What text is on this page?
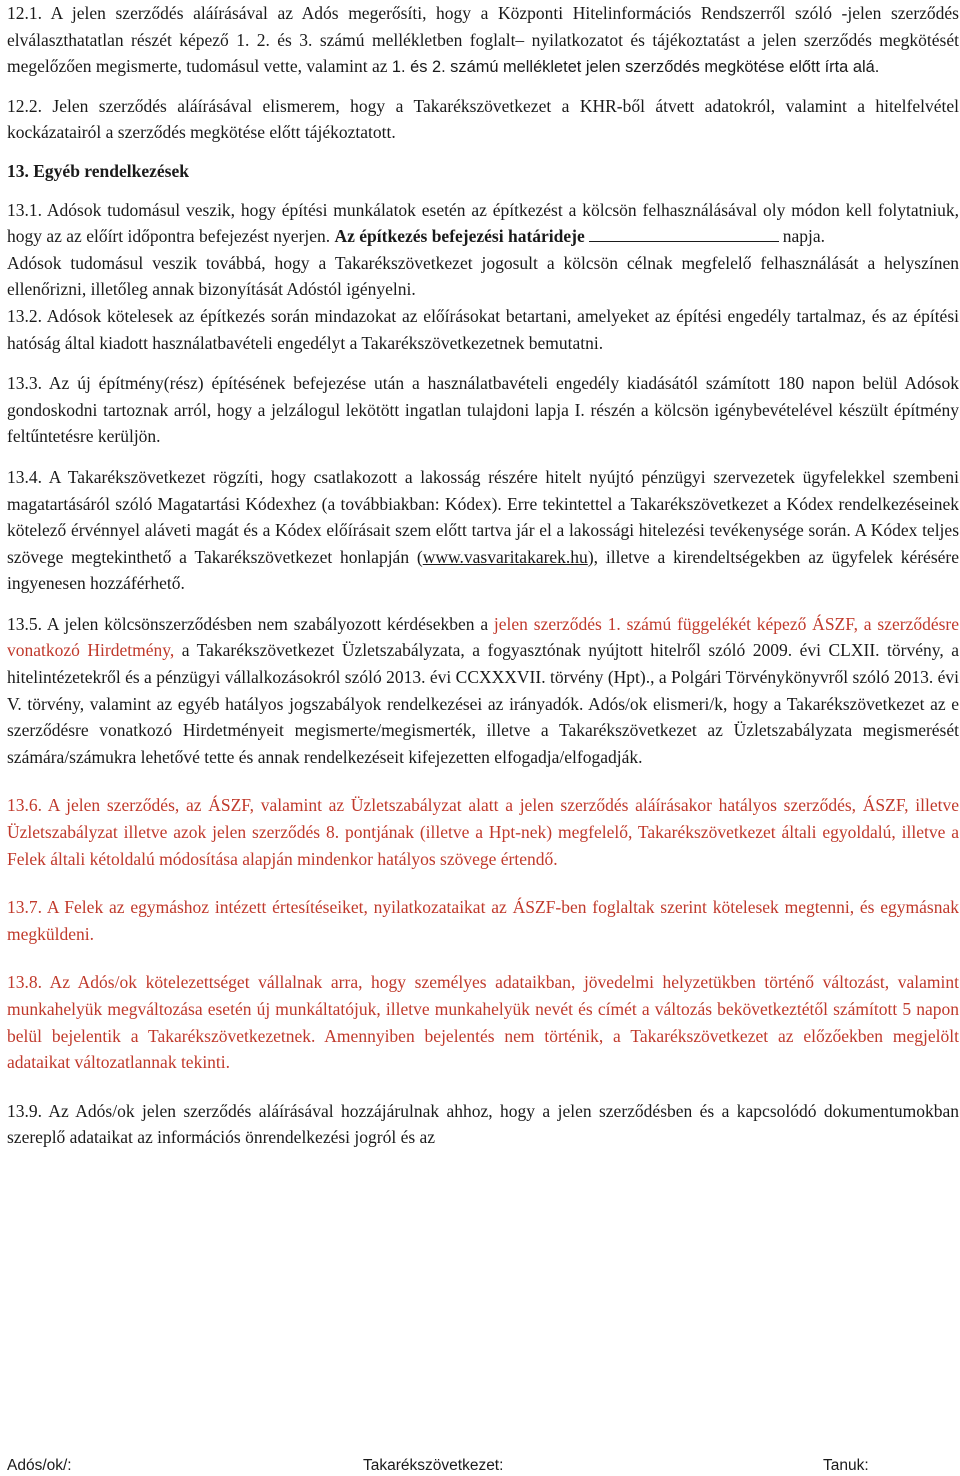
12.1. A jelen szerződés aláírásával az Adós megerősíti, hogy a Központi Hitelinformációs Rendszerről szóló -jelen szerződés elválaszthatatlan részét képező 1. 2. és 3. számú mellékletben foglalt– nyilatkozatot és tájékoztatást a jelen szerződés megkötését megelőzően megismerte, tudomásul vette, valamint az 1. és 2. számú mellékletet jelen szerződés megkötése előtt írta alá.

12.2. Jelen szerződés aláírásával elismerem, hogy a Takarékszövetkezet a KHR-ből átvett adatokról, valamint a hitelfelvétel kockázatairól a szerződés megkötése előtt tájékoztatott.

13. Egyéb rendelkezések

13.1. Adósok tudomásul veszik, hogy építési munkálatok esetén az építkezést a kölcsön felhasználásával oly módon kell folytatniuk, hogy az az előírt időpontra befejezést nyerjen. Az építkezés befejezési határideje	napja.

Adósok tudomásul veszik továbbá, hogy a Takarékszövetkezet jogosult a kölcsön célnak megfelelő felhasználását a helyszínen ellenőrizni, illetőleg annak bizonyítását Adóstól igényelni.

13.2. Adósok kötelesek az építkezés során mindazokat az előírásokat betartani, amelyeket az építési engedély tartalmaz, és az építési hatóság által kiadott használatbavételi engedélyt a Takarékszövetkezetnek bemutatni.

13.3. Az új építmény(rész) építésének befejezése után a használatbavételi engedély kiadásától számított 180 napon belül Adósok gondoskodni tartoznak arról, hogy a jelzálogul lekötött ingatlan tulajdoni lapja I. részén a kölcsön igénybevételével készült építmény feltűntetésre kerüljön.

13.4. A Takarékszövetkezet rögzíti, hogy csatlakozott a lakosság részére hitelt nyújtó pénzügyi szervezetek ügyfelekkel szembeni magatartásáról szóló Magatartási Kódexhez (a továbbiakban: Kódex). Erre tekintettel a Takarékszövetkezet a Kódex rendelkezéseinek kötelező érvénnyel aláveti magát és a Kódex előírásait szem előtt tartva jár el a lakossági hitelezési tevékenysége során. A Kódex teljes szövege megtekinthető a Takarékszövetkezet honlapján (www.vasvaritakarek.hu), illetve a kirendeltségekben az ügyfelek kérésére ingyenesen hozzáférhető.

13.5. A jelen kölcsönszerződésben nem szabályozott kérdésekben a jelen szerződés 1. számú függelékét képező ÁSZF, a szerződésre vonatkozó Hirdetmény, a Takarékszövetkezet Üzletszabályzata, a fogyasztónak nyújtott hitelről szóló 2009. évi CLXII. törvény, a hitelintézetekről és a pénzügyi vállalkozásokról szóló 2013. évi CCXXXVII. törvény (Hpt)., a Polgári Törvénykönyvről szóló 2013. évi V. törvény, valamint az egyéb hatályos jogszabályok rendelkezései az irányadók. Adós/ok elismeri/k, hogy a Takarékszövetkezet az e szerződésre vonatkozó Hirdetményeit megismerte/megismerték, illetve a Takarékszövetkezet az Üzletszabályzata megismerését számára/számukra lehetővé tette és annak rendelkezéseit kifejezetten elfogadja/elfogadják.

13.6. A jelen szerződés, az ÁSZF, valamint az Üzletszabályzat alatt a jelen szerződés aláírásakor hatályos szerződés, ÁSZF, illetve Üzletszabályzat illetve azok jelen szerződés 8. pontjának (illetve a Hpt-nek) megfelelő, Takarékszövetkezet általi egyoldalú, illetve a Felek általi kétoldalú módosítása alapján mindenkor hatályos szövege értendő.

13.7. A Felek az egymáshoz intézett értesítéseiket, nyilatkozataikat az ÁSZF-ben foglaltak szerint kötelesek megtenni, és egymásnak megküldeni.

13.8. Az Adós/ok kötelezettséget vállalnak arra, hogy személyes adataikban, jövedelmi helyzetükben történő változást, valamint munkahelyük megváltozása esetén új munkáltatójuk, illetve munkahelyük nevét és címét a változás bekövetkeztétől számított 5 napon belül bejelentik a Takarékszövetkezetnek. Amennyiben bejelentés nem történik, a Takarékszövetkezet az előzőekben megjelölt adataikat változatlannak tekinti.

13.9. Az Adós/ok jelen szerződés aláírásával hozzájárulnak ahhoz, hogy a jelen szerződésben és a kapcsolódó dokumentumokban szereplő adataikat az információs önrendelkezési jogról és az

Adós/ok/:	Takarékszövetkezet:	Tanuk:
